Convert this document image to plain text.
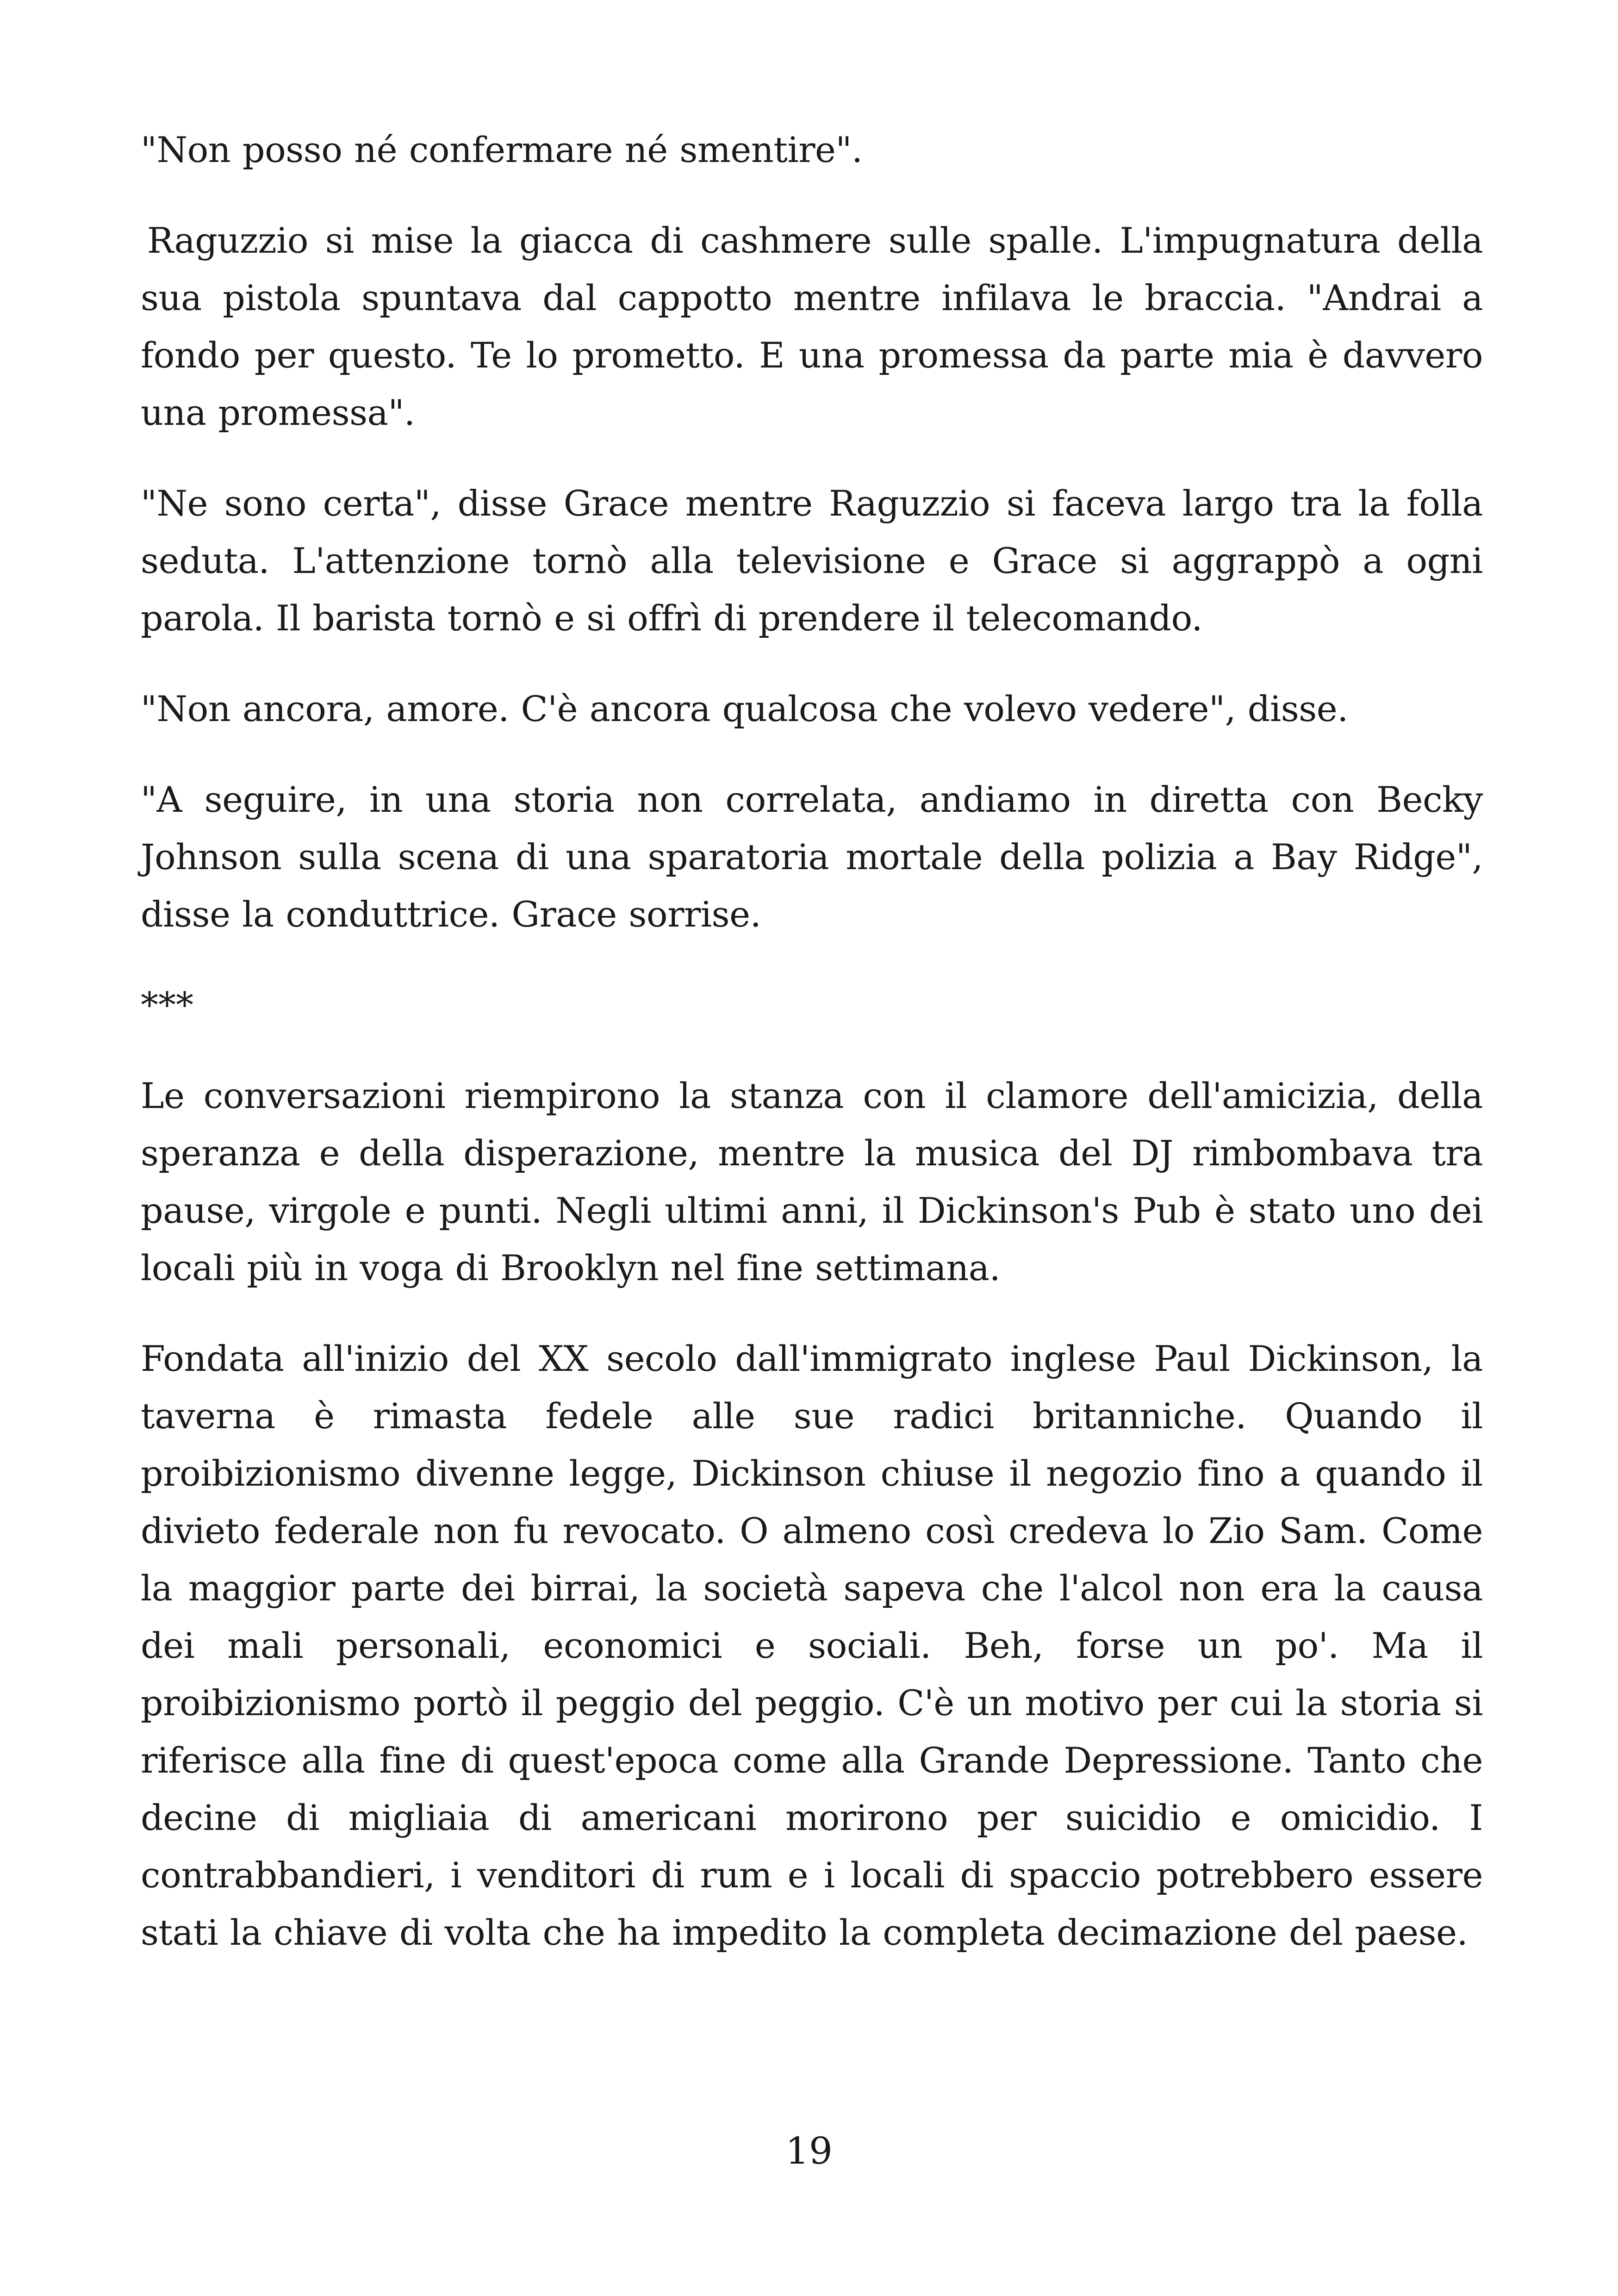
"Non posso né confermare né smentire".

Raguzzio si mise la giacca di cashmere sulle spalle. L'impugnatura della sua pistola spuntava dal cappotto mentre infilava le braccia. "Andrai a fondo per questo. Te lo prometto. E una promessa da parte mia è davvero una promessa".

"Ne sono certa", disse Grace mentre Raguzzio si faceva largo tra la folla seduta. L'attenzione tornò alla televisione e Grace si aggrappò a ogni parola. Il barista tornò e si offrì di prendere il telecomando.

"Non ancora, amore. C'è ancora qualcosa che volevo vedere", disse.

"A seguire, in una storia non correlata, andiamo in diretta con Becky Johnson sulla scena di una sparatoria mortale della polizia a Bay Ridge", disse la conduttrice. Grace sorrise.

***

Le conversazioni riempirono la stanza con il clamore dell'amicizia, della speranza e della disperazione, mentre la musica del DJ rimbombava tra pause, virgole e punti. Negli ultimi anni, il Dickinson's Pub è stato uno dei locali più in voga di Brooklyn nel fine settimana.

Fondata all'inizio del XX secolo dall'immigrato inglese Paul Dickinson, la taverna è rimasta fedele alle sue radici britanniche. Quando il proibizionismo divenne legge, Dickinson chiuse il negozio fino a quando il divieto federale non fu revocato. O almeno così credeva lo Zio Sam. Come la maggior parte dei birrai, la società sapeva che l'alcol non era la causa dei mali personali, economici e sociali. Beh, forse un po'. Ma il proibizionismo portò il peggio del peggio. C'è un motivo per cui la storia si riferisce alla fine di quest'epoca come alla Grande Depressione. Tanto che decine di migliaia di americani morirono per suicidio e omicidio. I contrabbandieri, i venditori di rum e i locali di spaccio potrebbero essere stati la chiave di volta che ha impedito la completa decimazione del paese.

19
